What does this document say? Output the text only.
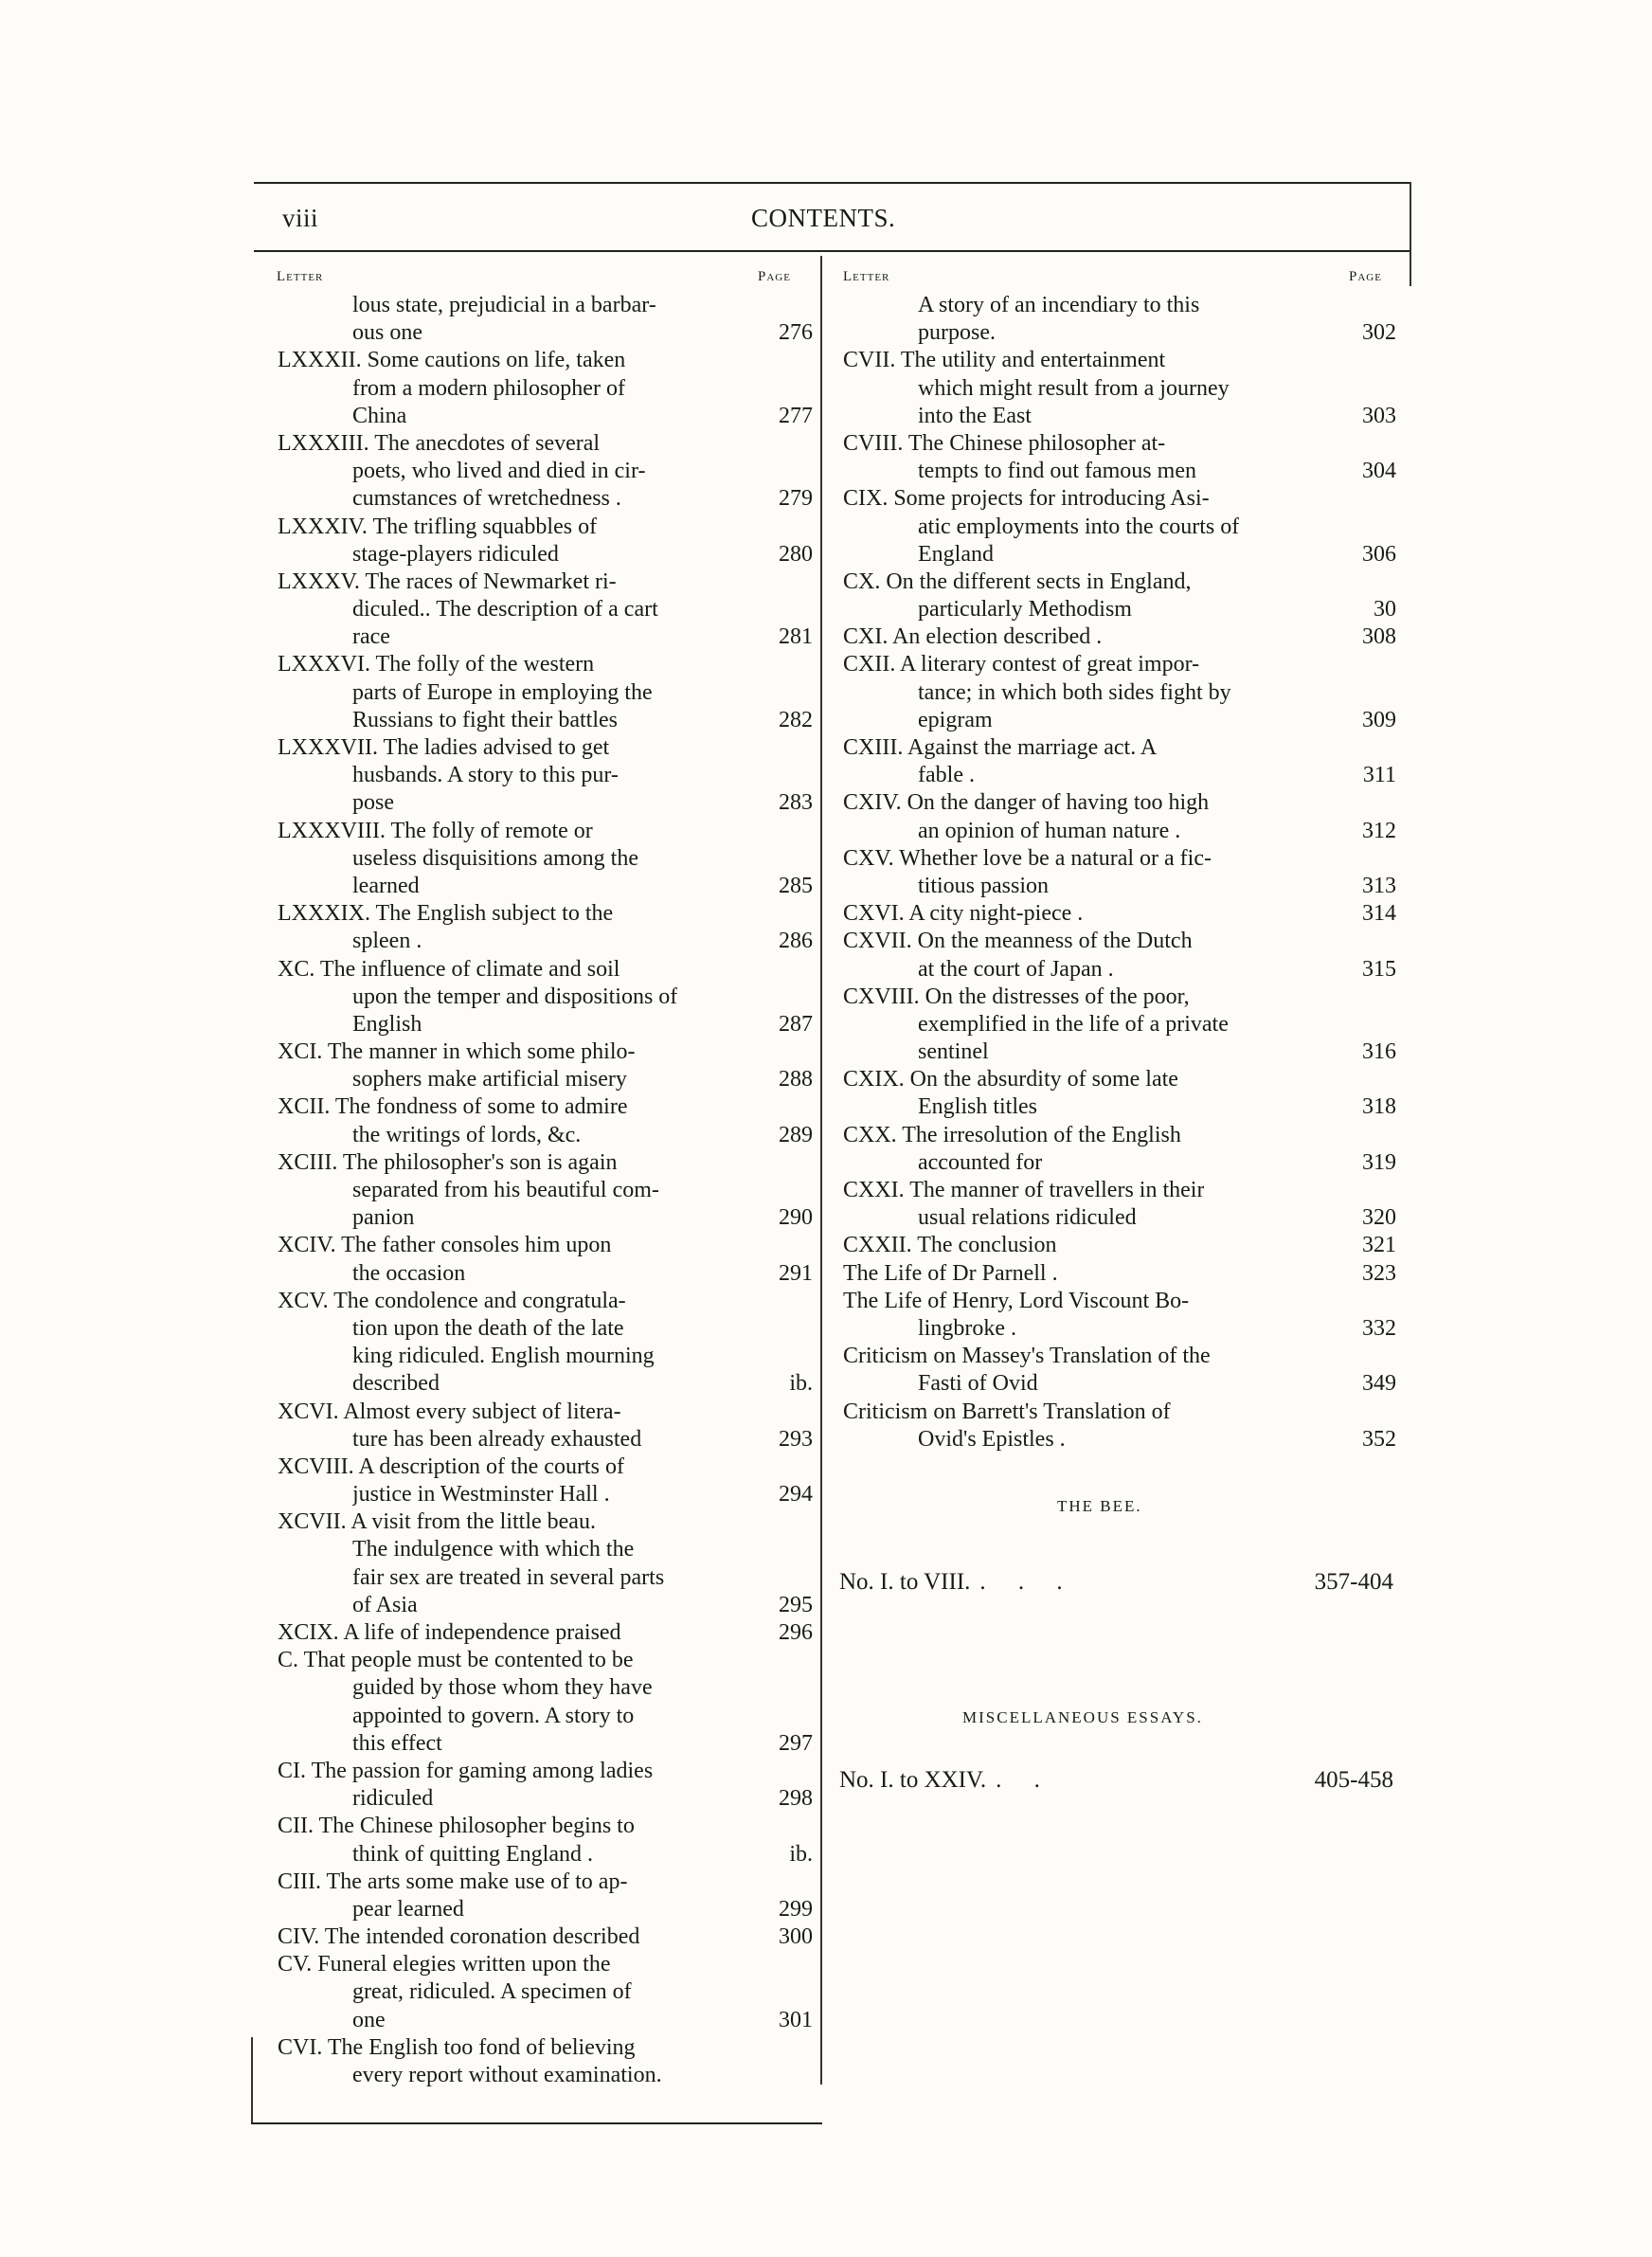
viii	CONTENTS.
Letter	Page	Letter	Page
lous state, prejudicial in a barbar-
ous one	276
LXXXII. Some cautions on life, taken
from a modern philosopher of
China	277
LXXXIII. The anecdotes of several
poets, who lived and died in cir-
cumstances of wretchedness .	279
LXXXIV. The trifling squabbles of
stage-players ridiculed	280
LXXXV. The races of Newmarket ri-
diculed.. The description of a cart
race	281
LXXXVI. The folly of the western
parts of Europe in employing the
Russians to fight their battles	282
LXXXVII. The ladies advised to get
husbands. A story to this pur-
pose	283
LXXXVIII. The folly of remote or
useless disquisitions among the
learned	285
LXXXIX. The English subject to the
spleen .	286
XC. The influence of climate and soil
upon the temper and dispositions of
English	287
XCI. The manner in which some philo-
sophers make artificial misery	288
XCII. The fondness of some to admire
the writings of lords, &c.	289
XCIII. The philosopher's son is again
separated from his beautiful com-
panion	290
XCIV. The father consoles him upon
the occasion	291
XCV. The condolence and congratula-
tion upon the death of the late
king ridiculed. English mourning
described	ib.
XCVI. Almost every subject of litera-
ture has been already exhausted	293
XCVIII. A description of the courts of
justice in Westminster Hall .	294
XCVII. A visit from the little beau.
The indulgence with which the
fair sex are treated in several parts
of Asia	295
XCIX. A life of independence praised	296
C. That people must be contented to be
guided by those whom they have
appointed to govern. A story to
this effect	297
CI. The passion for gaming among ladies
ridiculed	298
CII. The Chinese philosopher begins to
think of quitting England .	ib.
CIII. The arts some make use of to ap-
pear learned	299
CIV. The intended coronation described	300
CV. Funeral elegies written upon the
great, ridiculed. A specimen of
one	301
CVI. The English too fond of believing
every report without examination.
A story of an incendiary to this
purpose.	302
CVII. The utility and entertainment
which might result from a journey
into the East	303
CVIII. The Chinese philosopher at-
tempts to find out famous men	304
CIX. Some projects for introducing Asi-
atic employments into the courts of
England	306
CX. On the different sects in England,
particularly Methodism	30
CXI. An election described .	308
CXII. A literary contest of great impor-
tance; in which both sides fight by
epigram	309
CXIII. Against the marriage act. A
fable .	311
CXIV. On the danger of having too high
an opinion of human nature .	312
CXV. Whether love be a natural or a fic-
titious passion	313
CXVI. A city night-piece .	314
CXVII. On the meanness of the Dutch
at the court of Japan .	315
CXVIII. On the distresses of the poor,
exemplified in the life of a private
sentinel	316
CXIX. On the absurdity of some late
English titles	318
CXX. The irresolution of the English
accounted for	319
CXXI. The manner of travellers in their
usual relations ridiculed	320
CXXII. The conclusion	321
The Life of Dr Parnell .	323
The Life of Henry, Lord Viscount Bo-
lingbroke .	332
Criticism on Massey's Translation of the
Fasti of Ovid	349
Criticism on Barrett's Translation of
Ovid's Epistles .	352
THE BEE.
No. I. to VIII. . . .	357-404
MISCELLANEOUS ESSAYS.
No. I. to XXIV. . .	405-458
